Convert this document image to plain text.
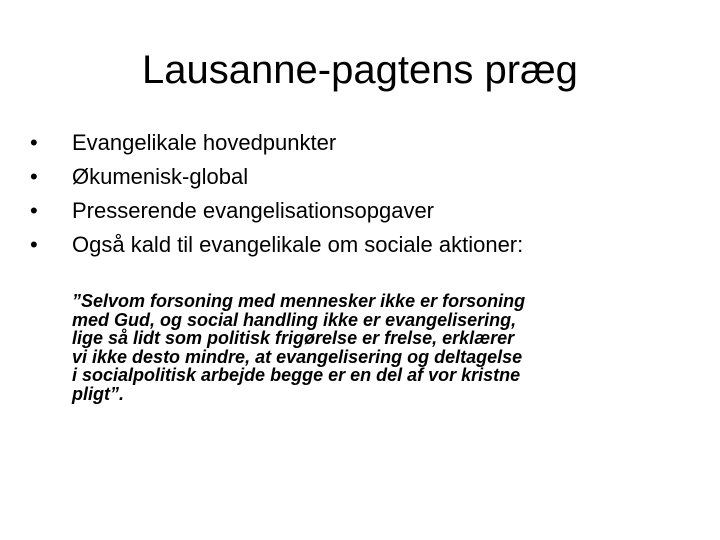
Lausanne-pagtens præg
•	Evangelikale hovedpunkter
•	Økumenisk-global
•	Presserende evangelisationsopgaver
•	Også kald til evangelikale om sociale aktioner:
”Selvom forsoning med mennesker ikke er forsoning
med Gud, og social handling ikke er evangelisering,
lige så lidt som politisk frigørelse er frelse, erklærer
vi ikke desto mindre, at evangelisering og deltagelse
i socialpolitisk arbejde begge er en del af vor kristne
pligt”.
